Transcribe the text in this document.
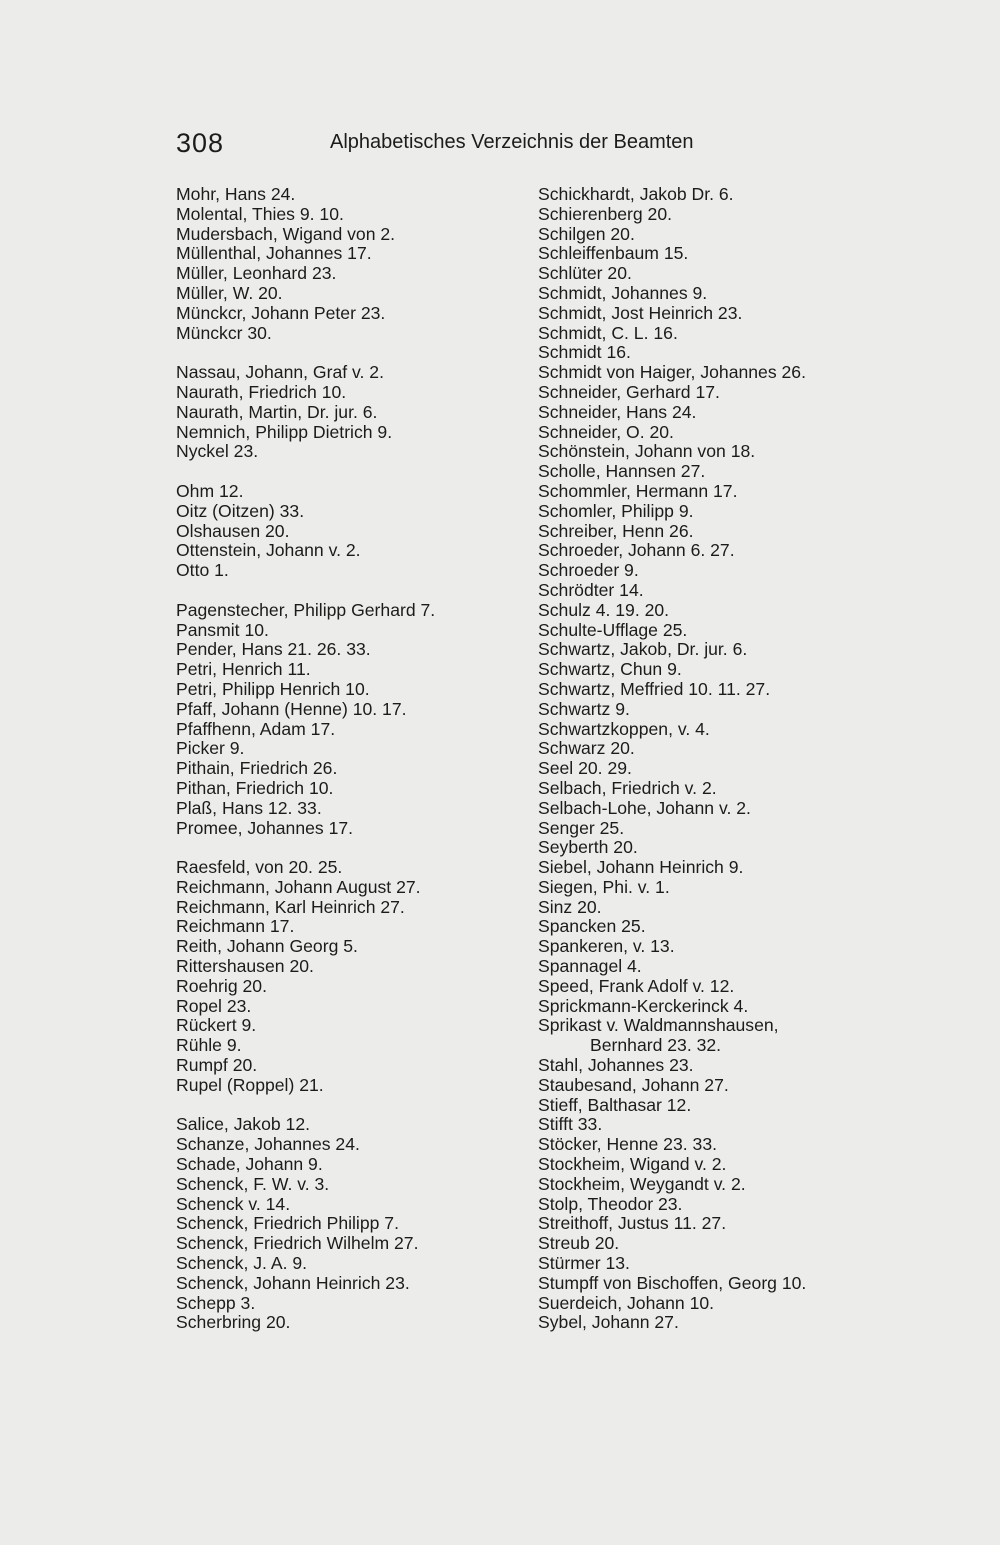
308	Alphabetisches Verzeichnis der Beamten
Mohr, Hans 24.
Molental, Thies 9. 10.
Mudersbach, Wigand von 2.
Müllenthal, Johannes 17.
Müller, Leonhard 23.
Müller, W. 20.
Münckcr, Johann Peter 23.
Münckcr 30.
Nassau, Johann, Graf v. 2.
Naurath, Friedrich 10.
Naurath, Martin, Dr. jur. 6.
Nemnich, Philipp Dietrich 9.
Nyckel 23.
Ohm 12.
Oitz (Oitzen) 33.
Olshausen 20.
Ottenstein, Johann v. 2.
Otto 1.
Pagenstecher, Philipp Gerhard 7.
Pansmit 10.
Pender, Hans 21. 26. 33.
Petri, Henrich 11.
Petri, Philipp Henrich 10.
Pfaff, Johann (Henne) 10. 17.
Pfaffhenn, Adam 17.
Picker 9.
Pithain, Friedrich 26.
Pithan, Friedrich 10.
Plaß, Hans 12. 33.
Promee, Johannes 17.
Raesfeld, von 20. 25.
Reichmann, Johann August 27.
Reichmann, Karl Heinrich 27.
Reichmann 17.
Reith, Johann Georg 5.
Rittershausen 20.
Roehrig 20.
Ropel 23.
Rückert 9.
Rühle 9.
Rumpf 20.
Rupel (Roppel) 21.
Salice, Jakob 12.
Schanze, Johannes 24.
Schade, Johann 9.
Schenck, F. W. v. 3.
Schenck v. 14.
Schenck, Friedrich Philipp 7.
Schenck, Friedrich Wilhelm 27.
Schenck, J. A. 9.
Schenck, Johann Heinrich 23.
Schepp 3.
Scherbring 20.
Schickhardt, Jakob Dr. 6.
Schierenberg 20.
Schilgen 20.
Schleiffenbaum 15.
Schlüter 20.
Schmidt, Johannes 9.
Schmidt, Jost Heinrich 23.
Schmidt, C. L. 16.
Schmidt 16.
Schmidt von Haiger, Johannes 26.
Schneider, Gerhard 17.
Schneider, Hans 24.
Schneider, O. 20.
Schönstein, Johann von 18.
Scholle, Hannsen 27.
Schommler, Hermann 17.
Schomler, Philipp 9.
Schreiber, Henn 26.
Schroeder, Johann 6. 27.
Schroeder 9.
Schrödter 14.
Schulz 4. 19. 20.
Schulte-Ufflage 25.
Schwartz, Jakob, Dr. jur. 6.
Schwartz, Chun 9.
Schwartz, Meffried 10. 11. 27.
Schwartz 9.
Schwartzkoppen, v. 4.
Schwarz 20.
Seel 20. 29.
Selbach, Friedrich v. 2.
Selbach-Lohe, Johann v. 2.
Senger 25.
Seyberth 20.
Siebel, Johann Heinrich 9.
Siegen, Phi. v. 1.
Sinz 20.
Spancken 25.
Spankeren, v. 13.
Spannagel 4.
Speed, Frank Adolf v. 12.
Sprickmann-Kerckerinck 4.
Sprikast v. Waldmannshausen,
Bernhard 23. 32.
Stahl, Johannes 23.
Staubesand, Johann 27.
Stieff, Balthasar 12.
Stifft 33.
Stöcker, Henne 23. 33.
Stockheim, Wigand v. 2.
Stockheim, Weygandt v. 2.
Stolp, Theodor 23.
Streithoff, Justus 11. 27.
Streub 20.
Stürmer 13.
Stumpff von Bischoffen, Georg 10.
Suerdeich, Johann 10.
Sybel, Johann 27.
